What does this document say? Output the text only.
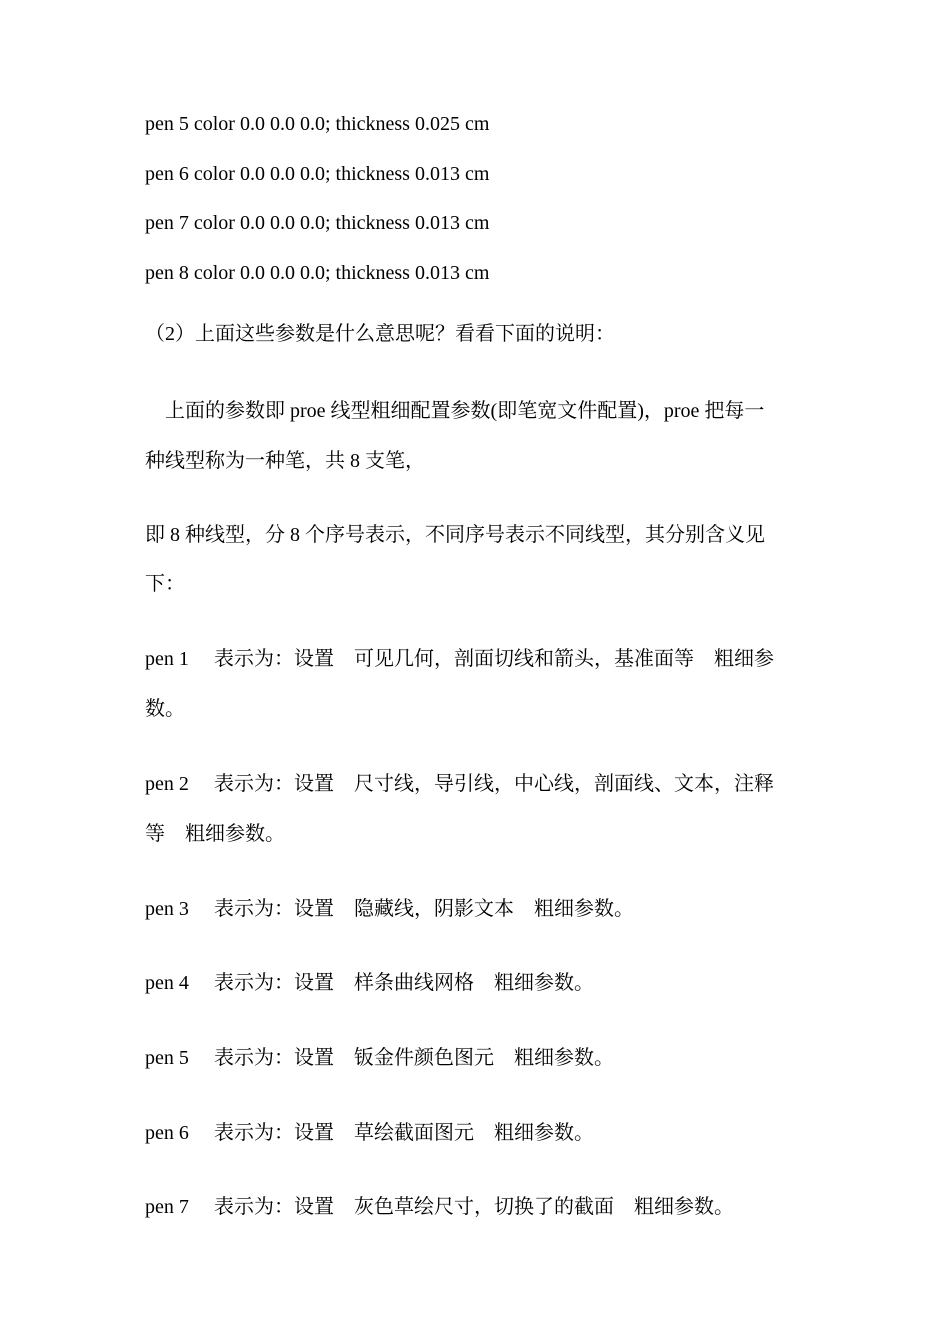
pen 5 color 0.0 0.0 0.0; thickness 0.025 cm
pen 6 color 0.0 0.0 0.0; thickness 0.013 cm
pen 7 color 0.0 0.0 0.0; thickness 0.013 cm
pen 8 color 0.0 0.0 0.0; thickness 0.013 cm
（2）上面这些参数是什么意思呢？看看下面的说明：
　上面的参数即 proe 线型粗细配置参数(即笔宽文件配置)，proe 把每一
种线型称为一种笔，共 8 支笔，
即 8 种线型，分 8 个序号表示，不同序号表示不同线型，其分别含义见
下：
pen 1 表示为：设置　可见几何，剖面切线和箭头，基准面等　粗细参
数。
pen 2 表示为：设置　尺寸线，导引线，中心线，剖面线、文本，注释
等　粗细参数。
pen 3 表示为：设置　隐藏线，阴影文本　粗细参数。
pen 4 表示为：设置　样条曲线网格　粗细参数。
pen 5 表示为：设置　钣金件颜色图元　粗细参数。
pen 6 表示为：设置　草绘截面图元　粗细参数。
pen 7 表示为：设置　灰色草绘尺寸，切换了的截面　粗细参数。
